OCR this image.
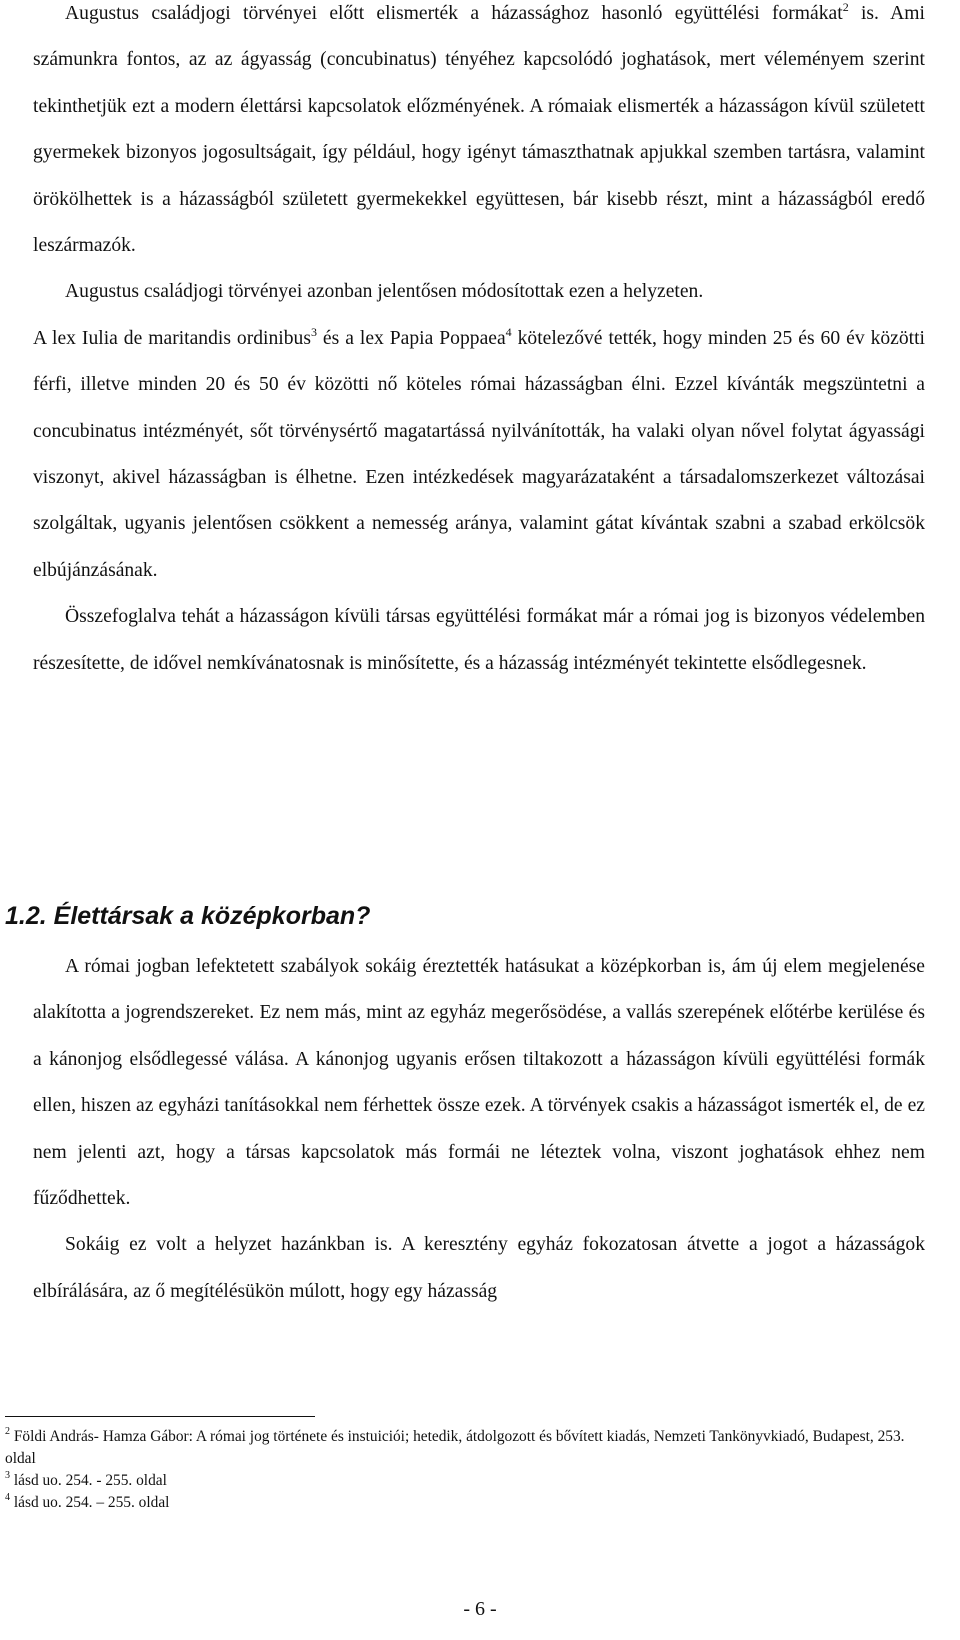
Augustus családjogi törvényei előtt elismerték a házassághoz hasonló együttélési formákat$^2$ is. Ami számunkra fontos, az az ágyasság (concubinatus) tényéhez kapcsolódó joghatások, mert véleményem szerint tekinthetjük ezt a modern élettársi kapcsolatok előzményének. A rómaiak elismerték a házasságon kívül született gyermekek bizonyos jogosultságait, így például, hogy igényt támaszthatnak apjukkal szemben tartásra, valamint örökölhettek is a házasságból született gyermekekkel együttesen, bár kisebb részt, mint a házasságból eredő leszármazók.

Augustus családjogi törvényei azonban jelentősen módosítottak ezen a helyzeten.

A lex Iulia de maritandis ordinibus$^3$ és a lex Papia Poppaea$^4$ kötelezővé tették, hogy minden 25 és 60 év közötti férfi, illetve minden 20 és 50 év közötti nő köteles római házasságban élni. Ezzel kívánták megszüntetni a concubinatus intézményét, sőt törvénysértő magatartássá nyilvánították, ha valaki olyan nővel folytat ágyassági viszonyt, akivel házasságban is élhetne. Ezen intézkedések magyarázataként a társadalomszerkezet változásai szolgáltak, ugyanis jelentősen csökkent a nemesség aránya, valamint gátat kívántak szabni a szabad erkölcsök elbújánzásának.

Összefoglalva tehát a házasságon kívüli társas együttélési formákat már a római jog is bizonyos védelemben részesítette, de idővel nemkívánatosnak is minősítette, és a házasság intézményét tekintette elsődlegesnek.

1.2. Élettársak a középkorban?

A római jogban lefektetett szabályok sokáig éreztették hatásukat a középkorban is, ám új elem megjelenése alakította a jogrendszereket. Ez nem más, mint az egyház megerősödése, a vallás szerepének előtérbe kerülése és a kánonjog elsődlegessé válása. A kánonjog ugyanis erősen tiltakozott a házasságon kívüli együttélési formák ellen, hiszen az egyházi tanításokkal nem férhettek össze ezek. A törvények csakis a házasságot ismerték el, de ez nem jelenti azt, hogy a társas kapcsolatok más formái ne léteztek volna, viszont joghatások ehhez nem fűződhettek.

Sokáig ez volt a helyzet hazánkban is. A keresztény egyház fokozatosan átvette a jogot a házasságok elbírálására, az ő megítélésükön múlott, hogy egy házasság

$^2$ Földi András- Hamza Gábor: A római jog története és instuiciói; hetedik, átdolgozott és bővített kiadás, Nemzeti Tankönyvkiadó, Budapest, 253. oldal

$^3$ lásd uo. 254. - 255. oldal

$^4$ lásd uo. 254. – 255. oldal

- 6 -
